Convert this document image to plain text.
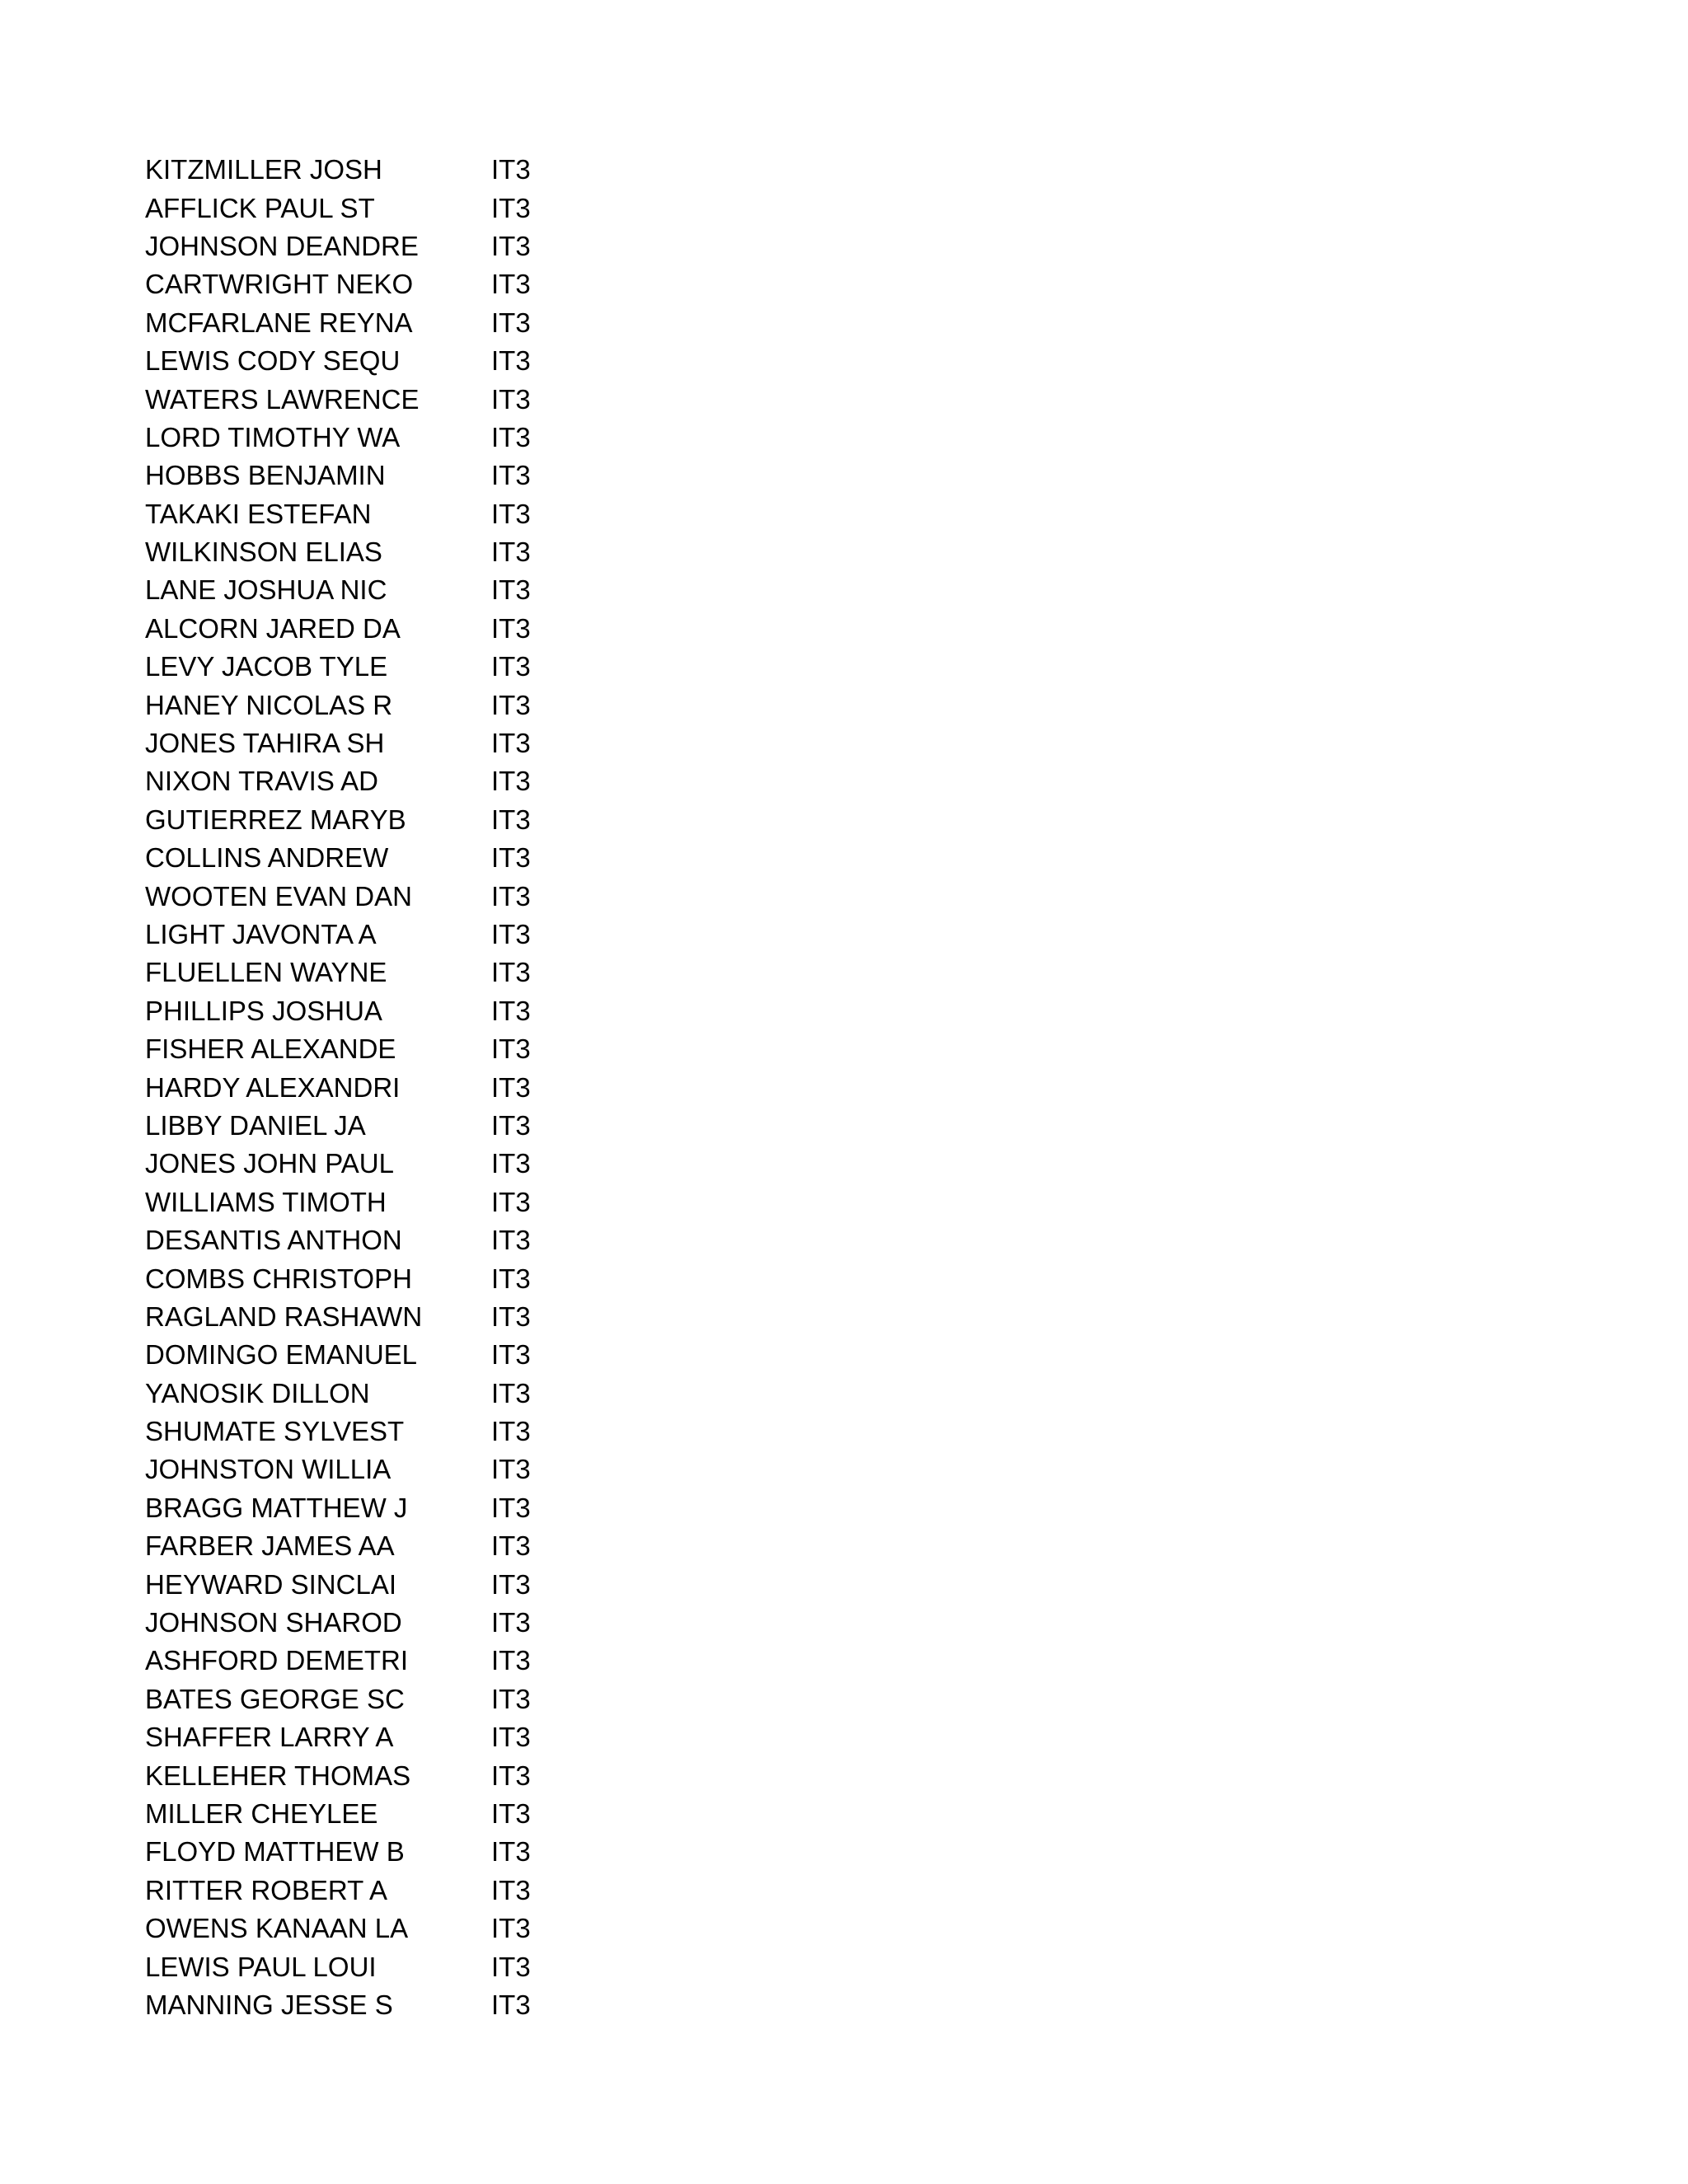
KITZMILLER JOSH	IT3
AFFLICK PAUL ST	IT3
JOHNSON DEANDRE	IT3
CARTWRIGHT NEKO	IT3
MCFARLANE REYNA	IT3
LEWIS CODY SEQU	IT3
WATERS LAWRENCE	IT3
LORD TIMOTHY WA	IT3
HOBBS BENJAMIN	IT3
TAKAKI ESTEFAN	IT3
WILKINSON ELIAS	IT3
LANE JOSHUA NIC	IT3
ALCORN JARED DA	IT3
LEVY JACOB TYLE	IT3
HANEY NICOLAS R	IT3
JONES TAHIRA SH	IT3
NIXON TRAVIS AD	IT3
GUTIERREZ MARYB	IT3
COLLINS ANDREW	IT3
WOOTEN EVAN DAN	IT3
LIGHT JAVONTA A	IT3
FLUELLEN WAYNE	IT3
PHILLIPS JOSHUA	IT3
FISHER ALEXANDE	IT3
HARDY ALEXANDRI	IT3
LIBBY DANIEL JA	IT3
JONES JOHN PAUL	IT3
WILLIAMS TIMOTH	IT3
DESANTIS ANTHON	IT3
COMBS CHRISTOPH	IT3
RAGLAND RASHAWN	IT3
DOMINGO EMANUEL	IT3
YANOSIK DILLON	IT3
SHUMATE SYLVEST	IT3
JOHNSTON WILLIA	IT3
BRAGG MATTHEW J	IT3
FARBER JAMES AA	IT3
HEYWARD SINCLAI	IT3
JOHNSON SHAROD	IT3
ASHFORD DEMETRI	IT3
BATES GEORGE SC	IT3
SHAFFER LARRY A	IT3
KELLEHER THOMAS	IT3
MILLER CHEYLEE	IT3
FLOYD MATTHEW B	IT3
RITTER ROBERT A	IT3
OWENS KANAAN LA	IT3
LEWIS PAUL LOUI	IT3
MANNING JESSE S	IT3
